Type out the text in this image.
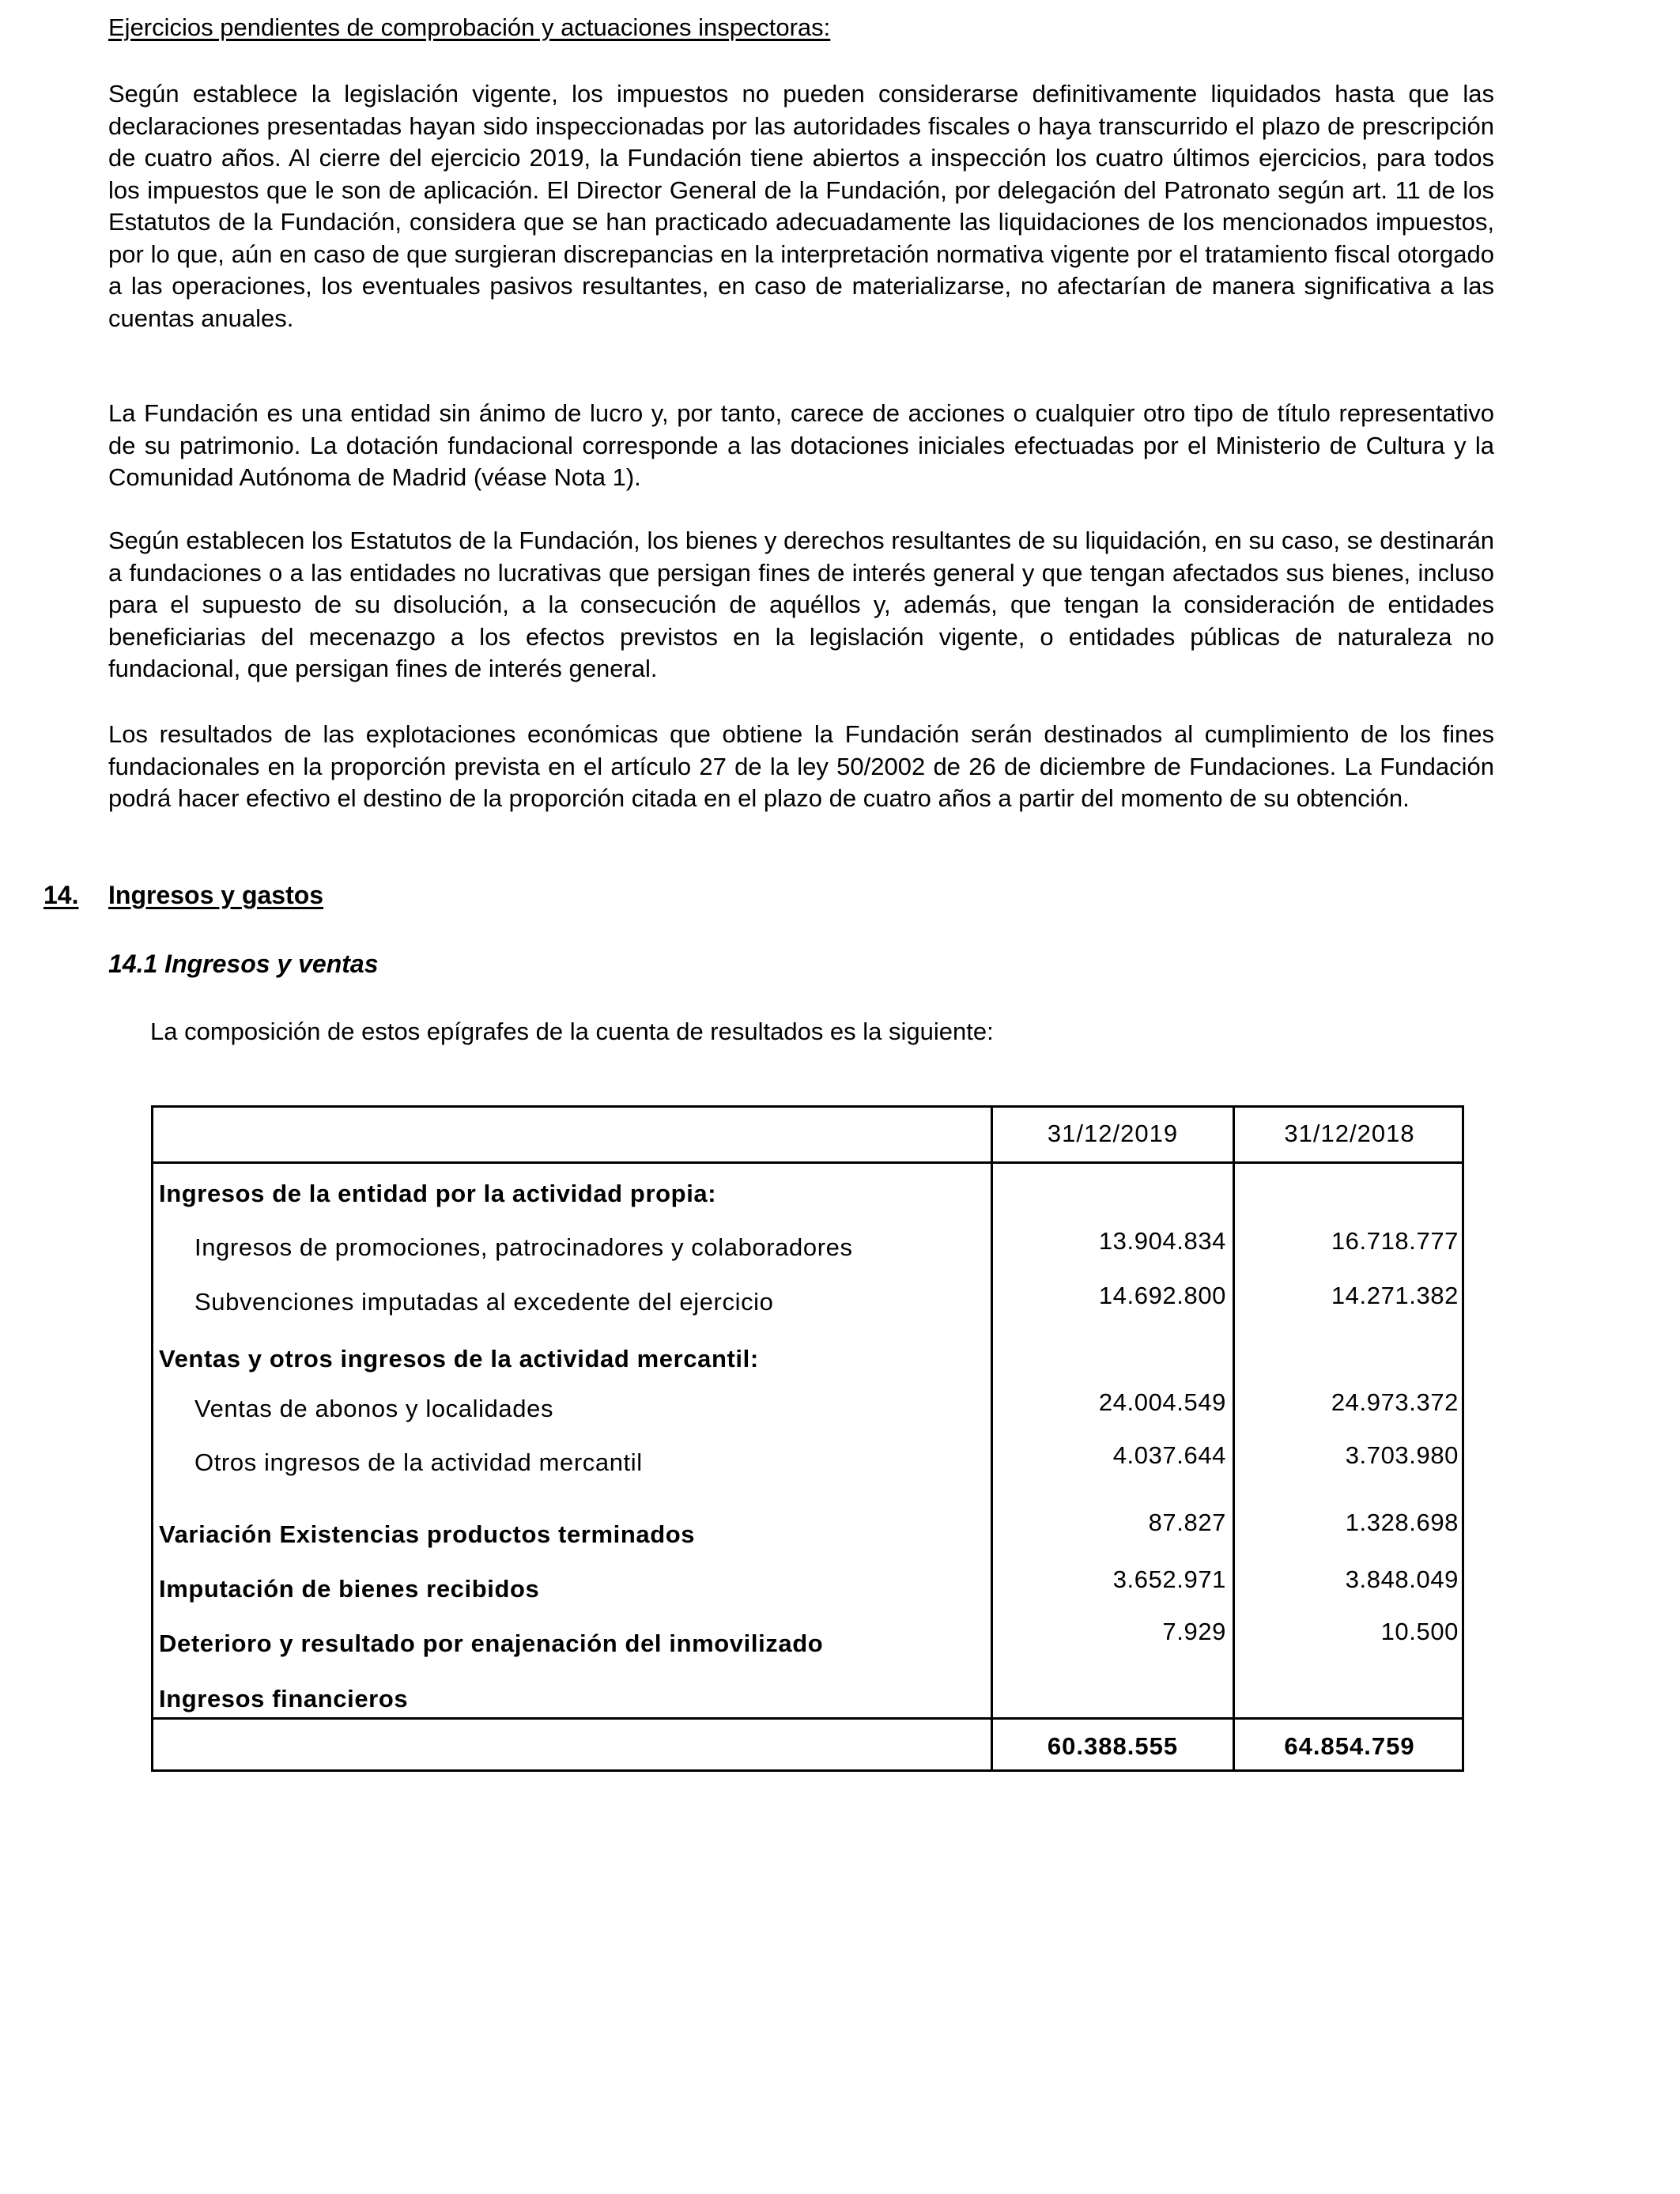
Ejercicios pendientes de comprobación y actuaciones inspectoras:
Según establece la legislación vigente, los impuestos no pueden considerarse definitivamente liquidados hasta que las declaraciones presentadas hayan sido inspeccionadas por las autoridades fiscales o haya transcurrido el plazo de prescripción de cuatro años. Al cierre del ejercicio 2019, la Fundación tiene abiertos a inspección los cuatro últimos ejercicios, para todos los impuestos que le son de aplicación. El Director General de la Fundación, por delegación del Patronato según art. 11 de los Estatutos de la Fundación, considera que se han practicado adecuadamente las liquidaciones de los mencionados impuestos, por lo que, aún en caso de que surgieran discrepancias en la interpretación normativa vigente por el tratamiento fiscal otorgado a las operaciones, los eventuales pasivos resultantes, en caso de materializarse, no afectarían de manera significativa a las cuentas anuales.
La Fundación es una entidad sin ánimo de lucro y, por tanto, carece de acciones o cualquier otro tipo de título representativo de su patrimonio. La dotación fundacional corresponde a las dotaciones iniciales efectuadas por el Ministerio de Cultura y la Comunidad Autónoma de Madrid (véase Nota 1).
Según establecen los Estatutos de la Fundación, los bienes y derechos resultantes de su liquidación, en su caso, se destinarán a fundaciones o a las entidades no lucrativas que persigan fines de interés general y que tengan afectados sus bienes, incluso para el supuesto de su disolución, a la consecución de aquéllos y, además, que tengan la consideración de entidades beneficiarias del mecenazgo a los efectos previstos en la legislación vigente, o entidades públicas de naturaleza no fundacional, que persigan fines de interés general.
Los resultados de las explotaciones económicas que obtiene la Fundación serán destinados al cumplimiento de los fines fundacionales en la proporción prevista en el artículo 27 de la ley 50/2002 de 26 de diciembre de Fundaciones. La Fundación podrá hacer efectivo el destino de la proporción citada en el plazo de cuatro años a partir del momento de su obtención.
14. Ingresos y gastos
14.1 Ingresos y ventas
La composición de estos epígrafes de la cuenta de resultados es la siguiente:
31/12/2019	31/12/2018
Ingresos de la entidad por la actividad propia:
Ingresos de promociones, patrocinadores y colaboradores	13.904.834	16.718.777
Subvenciones imputadas al excedente del ejercicio	14.692.800	14.271.382
Ventas y otros ingresos de la actividad mercantil:
Ventas de abonos y localidades	24.004.549	24.973.372
Otros ingresos de la actividad mercantil	4.037.644	3.703.980
Variación Existencias productos terminados	87.827	1.328.698
Imputación de bienes recibidos	3.652.971	3.848.049
Deterioro y resultado por enajenación del inmovilizado	7.929	10.500
Ingresos financieros
60.388.555	64.854.759
